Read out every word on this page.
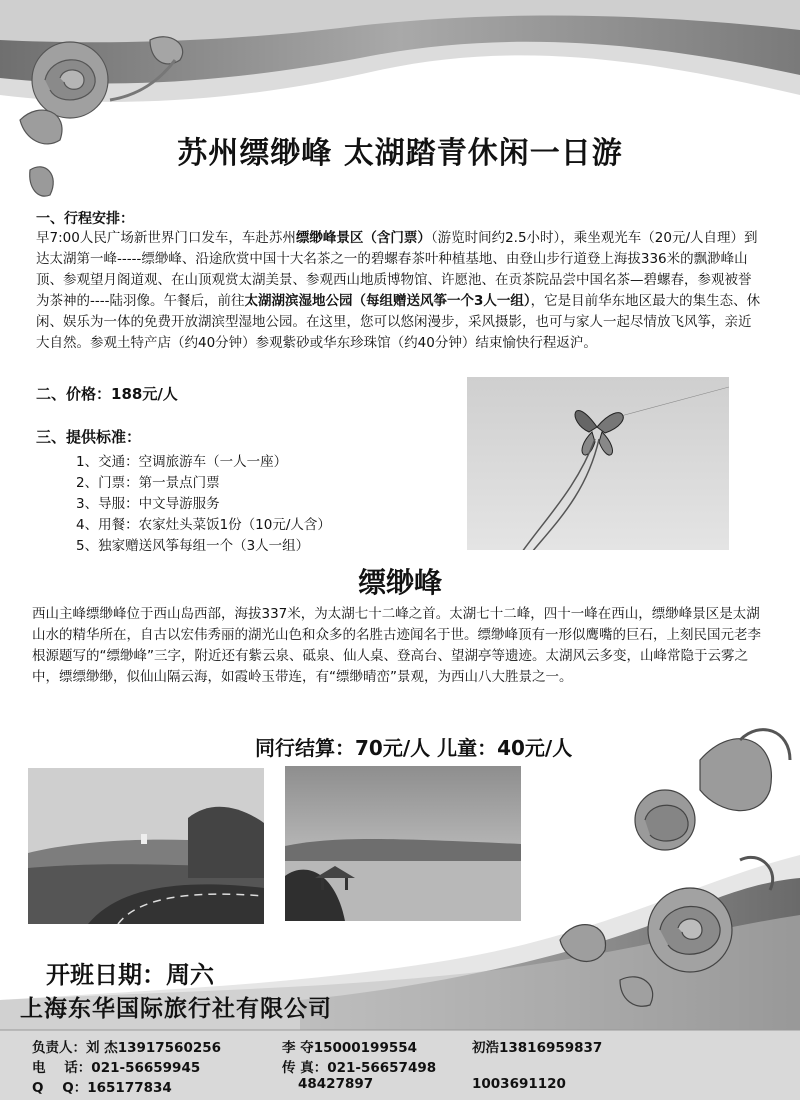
苏州缥缈峰 太湖踏青休闲一日游
一、行程安排：
早7:00人民广场新世界门口发车，车赴苏州缥缈峰景区（含门票）（游览时间约2.5小时），乘坐观光车（20元/人自理）到达太湖第一峰-----缥缈峰、沿途欣赏中国十大名茶之一的碧螺春茶叶种植基地、由登山步行道登上海拔336米的飘渺峰山顶、参观望月阁道观、在山顶观赏太湖美景、参观西山地质博物馆、许愿池、在贡茶院品尝中国名茶—碧螺春，参观被誉为茶神的----陆羽像。午餐后，前往太湖湖滨湿地公园（每组赠送风筝一个3人一组），它是目前华东地区最大的集生态、休闲、娱乐为一体的免费开放湖滨型湿地公园。在这里，您可以悠闲漫步，采风摄影，也可与家人一起尽情放飞风筝，亲近大自然。参观土特产店（约40分钟）参观紫砂或华东珍珠馆（约40分钟）结束愉快行程返沪。
二、价格：188元/人
三、提供标准：
1、交通：空调旅游车（一人一座）
2、门票：第一景点门票
3、导服：中文导游服务
4、用餐：农家灶头菜饭1份（10元/人含）
5、独家赠送风筝每组一个（3人一组）
缥缈峰
西山主峰缥缈峰位于西山岛西部，海拔337米，为太湖七十二峰之首。太湖七十二峰，四十一峰在西山，缥缈峰景区是太湖山水的精华所在，自古以宏伟秀丽的湖光山色和众多的名胜古迹闻名于世。缥缈峰顶有一形似鹰嘴的巨石，上刻民国元老李根源题写的“缥缈峰”三字，附近还有紫云泉、砥泉、仙人桌、登高台、望湖亭等遗迹。太湖风云多变，山峰常隐于云雾之中，缥缥缈缈，似仙山隔云海，如霞岭玉带连，有“缥缈晴峦”景观，为西山八大胜景之一。
同行结算：70元/人 儿童：40元/人
开班日期：周六
上海东华国际旅行社有限公司
负责人：刘 杰13917560256	李 夺15000199554	初浩13816959837
电    话：021-56659945	传 真：021-56657498
Q    Q：165177834	48427897	1003691120
